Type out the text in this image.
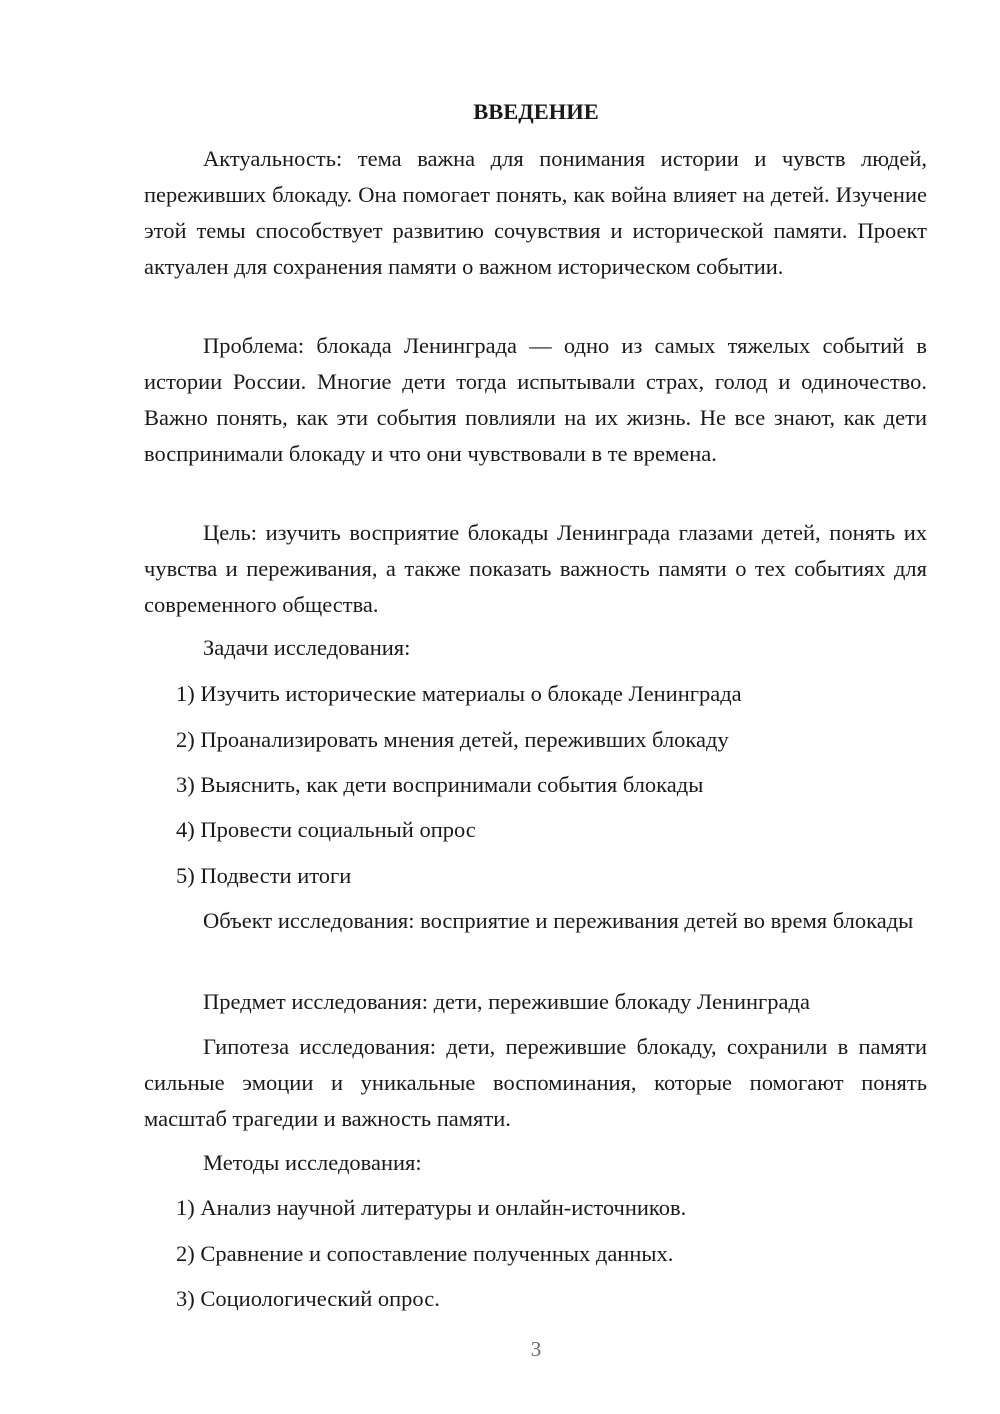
ВВЕДЕНИЕ

Актуальность: тема важна для понимания истории и чувств людей, переживших блокаду. Она помогает понять, как война влияет на детей. Изучение этой темы способствует развитию сочувствия и исторической памяти. Проект актуален для сохранения памяти о важном историческом событии.

Проблема: блокада Ленинграда — одно из самых тяжелых событий в истории России. Многие дети тогда испытывали страх, голод и одиночество. Важно понять, как эти события повлияли на их жизнь. Не все знают, как дети воспринимали блокаду и что они чувствовали в те времена.

Цель: изучить восприятие блокады Ленинграда глазами детей, понять их чувства и переживания, а также показать важность памяти о тех событиях для современного общества.

Задачи исследования:

1) Изучить исторические материалы о блокаде Ленинграда

2) Проанализировать мнения детей, переживших блокаду

3) Выяснить, как дети воспринимали события блокады

4) Провести социальный опрос

5) Подвести итоги

Объект исследования: восприятие и переживания детей во время блокады

Предмет исследования: дети, пережившие блокаду Ленинграда

Гипотеза исследования: дети, пережившие блокаду, сохранили в памяти сильные эмоции и уникальные воспоминания, которые помогают понять масштаб трагедии и важность памяти.

Методы исследования:

1) Анализ научной литературы и онлайн-источников.

2) Сравнение и сопоставление полученных данных.

3) Социологический опрос.

3
